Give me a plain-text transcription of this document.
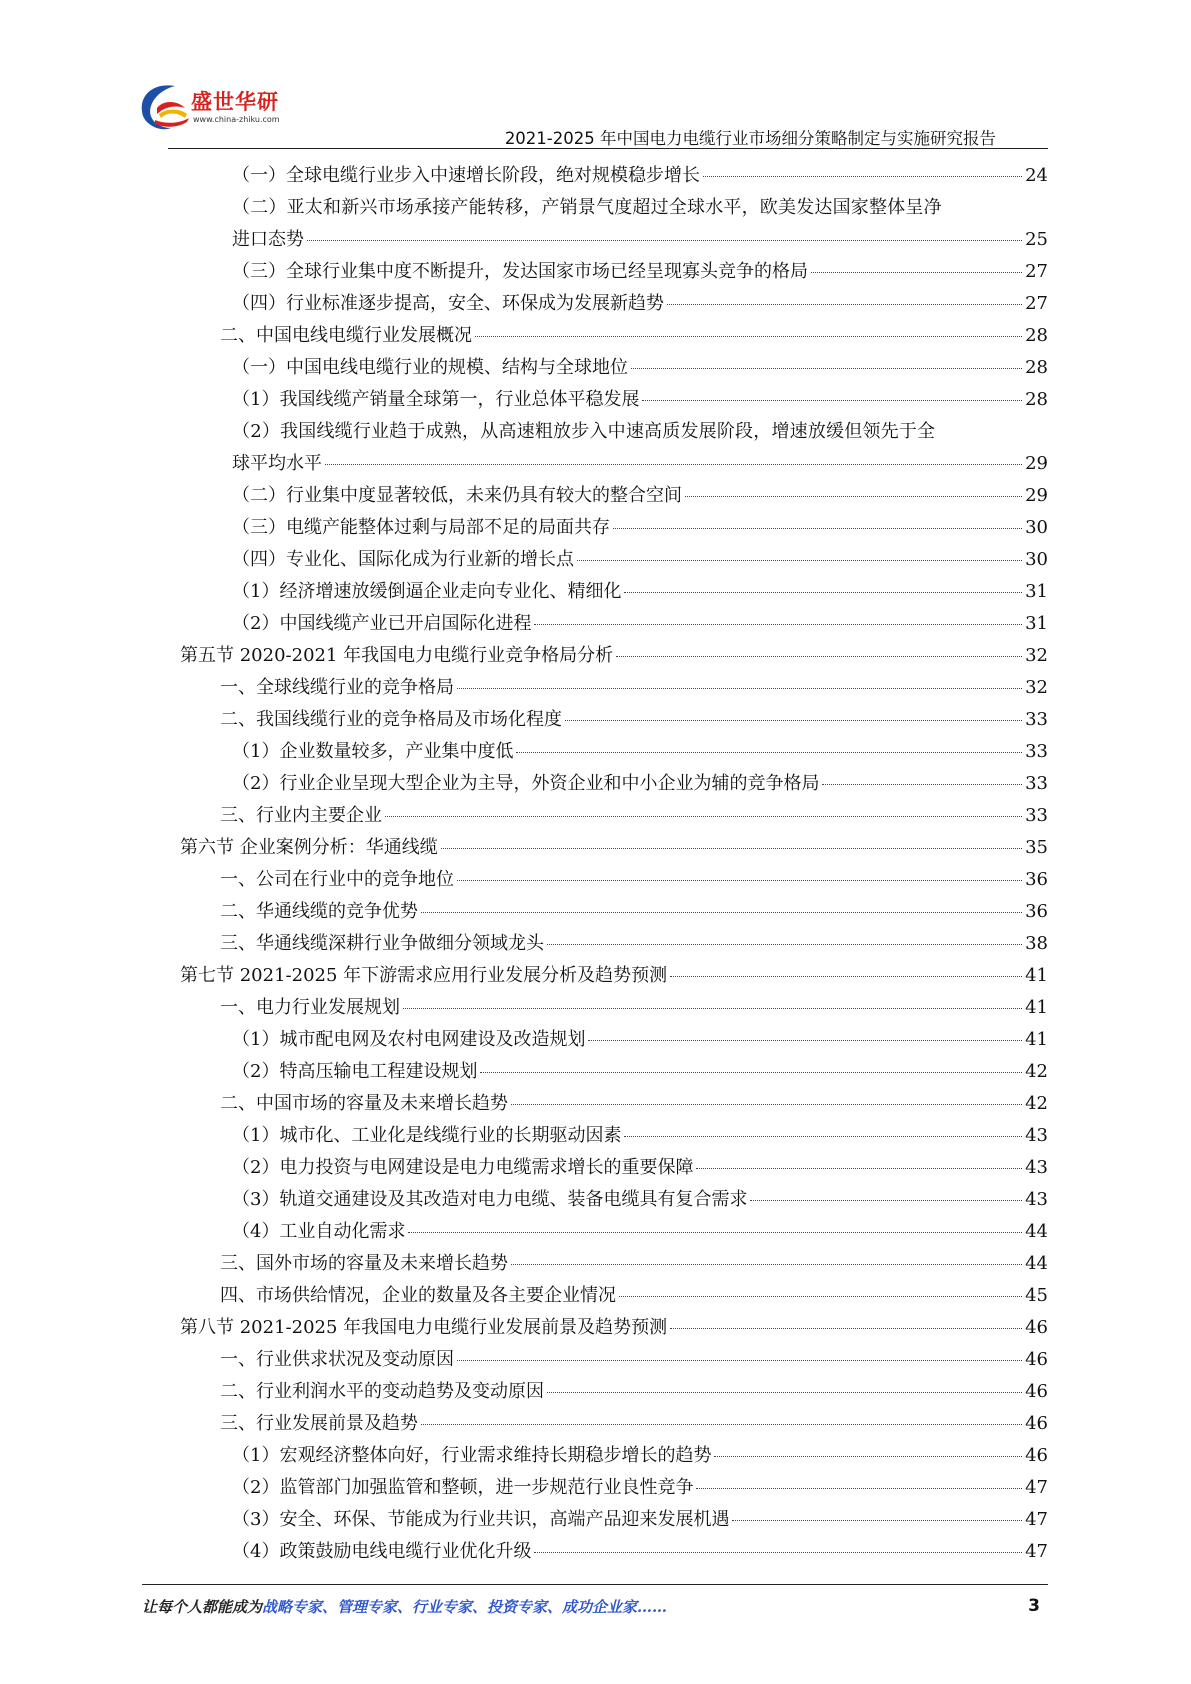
盛世华研
www.china-zhiku.com
2021-2025 年中国电力电缆行业市场细分策略制定与实施研究报告
（一）全球电缆行业步入中速增长阶段，绝对规模稳步增长	24
（二）亚太和新兴市场承接产能转移，产销景气度超过全球水平，欧美发达国家整体呈净
进口态势	25
（三）全球行业集中度不断提升，发达国家市场已经呈现寡头竞争的格局	27
（四）行业标准逐步提高，安全、环保成为发展新趋势	27
二、中国电线电缆行业发展概况	28
（一）中国电线电缆行业的规模、结构与全球地位	28
（1）我国线缆产销量全球第一，行业总体平稳发展	28
（2）我国线缆行业趋于成熟，从高速粗放步入中速高质发展阶段，增速放缓但领先于全
球平均水平	29
（二）行业集中度显著较低，未来仍具有较大的整合空间	29
（三）电缆产能整体过剩与局部不足的局面共存	30
（四）专业化、国际化成为行业新的增长点	30
（1）经济增速放缓倒逼企业走向专业化、精细化	31
（2）中国线缆产业已开启国际化进程	31
第五节 2020-2021 年我国电力电缆行业竞争格局分析	32
一、全球线缆行业的竞争格局	32
二、我国线缆行业的竞争格局及市场化程度	33
（1）企业数量较多，产业集中度低	33
（2）行业企业呈现大型企业为主导，外资企业和中小企业为辅的竞争格局	33
三、行业内主要企业	33
第六节 企业案例分析：华通线缆	35
一、公司在行业中的竞争地位	36
二、华通线缆的竞争优势	36
三、华通线缆深耕行业争做细分领域龙头	38
第七节 2021-2025 年下游需求应用行业发展分析及趋势预测	41
一、电力行业发展规划	41
（1）城市配电网及农村电网建设及改造规划	41
（2）特高压输电工程建设规划	42
二、中国市场的容量及未来增长趋势	42
（1）城市化、工业化是线缆行业的长期驱动因素	43
（2）电力投资与电网建设是电力电缆需求增长的重要保障	43
（3）轨道交通建设及其改造对电力电缆、装备电缆具有复合需求	43
（4）工业自动化需求	44
三、国外市场的容量及未来增长趋势	44
四、市场供给情况，企业的数量及各主要企业情况	45
第八节 2021-2025 年我国电力电缆行业发展前景及趋势预测	46
一、行业供求状况及变动原因	46
二、行业利润水平的变动趋势及变动原因	46
三、行业发展前景及趋势	46
（1）宏观经济整体向好，行业需求维持长期稳步增长的趋势	46
（2）监管部门加强监管和整顿，进一步规范行业良性竞争	47
（3）安全、环保、节能成为行业共识，高端产品迎来发展机遇	47
（4）政策鼓励电线电缆行业优化升级	47
让每个人都能成为战略专家、管理专家、行业专家、投资专家、成功企业家……	3
